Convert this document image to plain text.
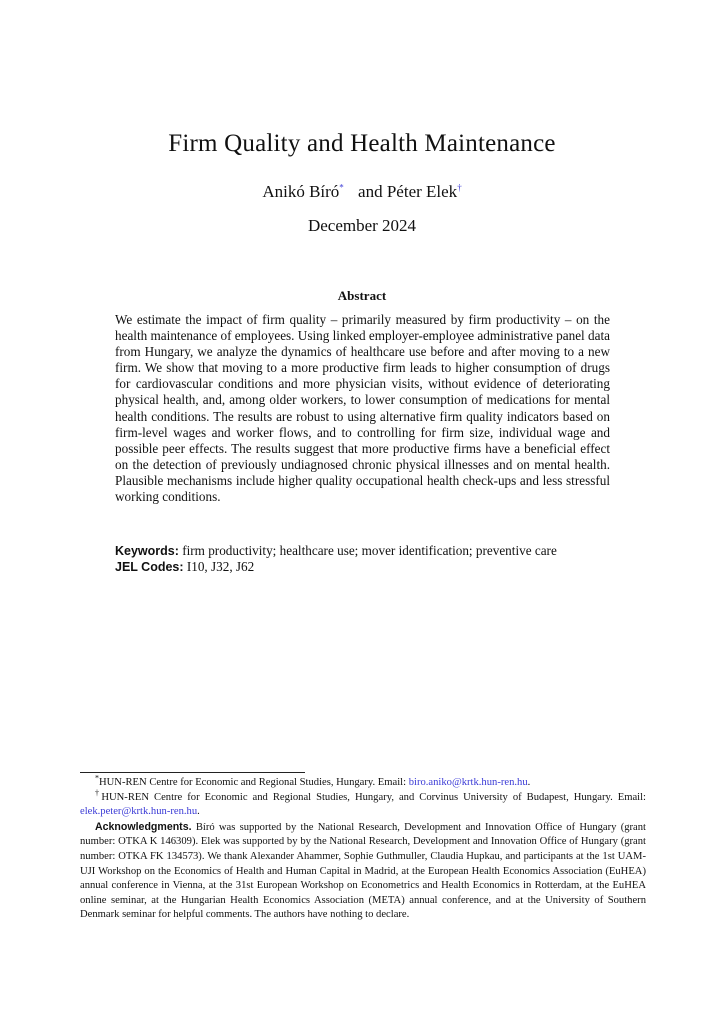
Firm Quality and Health Maintenance
Anikó Bíró* and Péter Elek†
December 2024
Abstract
We estimate the impact of firm quality – primarily measured by firm productivity – on the health maintenance of employees. Using linked employer-employee administrative panel data from Hungary, we analyze the dynamics of healthcare use before and after moving to a new firm. We show that moving to a more productive firm leads to higher consumption of drugs for cardiovascular conditions and more physician visits, without evidence of deteriorating physical health, and, among older workers, to lower consumption of medications for mental health conditions. The results are robust to using alternative firm quality indicators based on firm-level wages and worker flows, and to controlling for firm size, individual wage and possible peer effects. The results suggest that more productive firms have a beneficial effect on the detection of previously undiagnosed chronic physical illnesses and on mental health. Plausible mechanisms include higher quality occupational health check-ups and less stressful working conditions.
Keywords: firm productivity; healthcare use; mover identification; preventive care
JEL Codes: I10, J32, J62

*HUN-REN Centre for Economic and Regional Studies, Hungary. Email: biro.aniko@krtk.hun-ren.hu.

†HUN-REN Centre for Economic and Regional Studies, Hungary, and Corvinus University of Budapest, Hungary. Email: elek.peter@krtk.hun-ren.hu.

Acknowledgments. Bíró was supported by the National Research, Development and Innovation Office of Hungary (grant number: OTKA K 146309). Elek was supported by by the National Research, Development and Innovation Office of Hungary (grant number: OTKA FK 134573). We thank Alexander Ahammer, Sophie Guthmuller, Claudia Hupkau, and participants at the 1st UAM-UJI Workshop on the Economics of Health and Human Capital in Madrid, at the European Health Economics Association (EuHEA) annual conference in Vienna, at the 31st European Workshop on Econometrics and Health Economics in Rotterdam, at the EuHEA online seminar, at the Hungarian Health Economics Association (META) annual conference, and at the University of Southern Denmark seminar for helpful comments. The authors have nothing to declare.
